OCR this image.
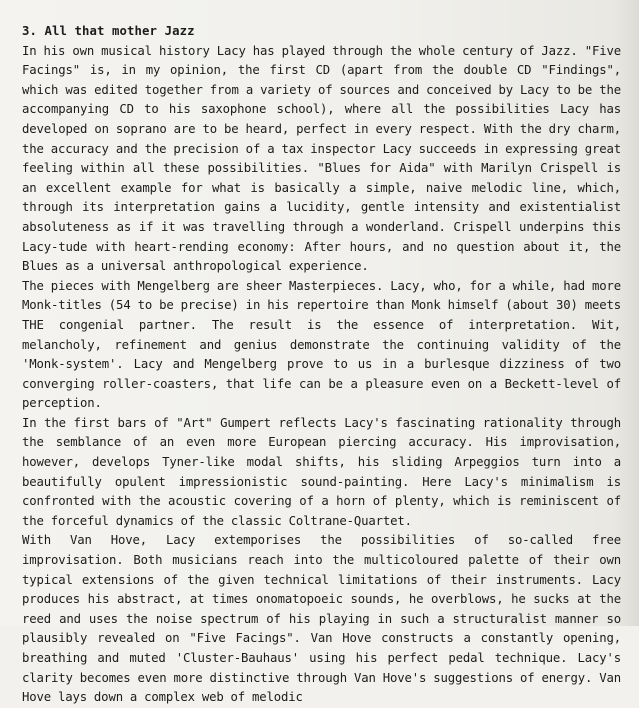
3. All that mother Jazz

In his own musical history Lacy has played through the whole century of Jazz. "Five Facings" is, in my opinion, the first CD (apart from the double CD "Findings", which was edited together from a variety of sources and conceived by Lacy to be the accompanying CD to his saxophone school), where all the possibilities Lacy has developed on soprano are to be heard, perfect in every respect. With the dry charm, the accuracy and the precision of a tax inspector Lacy succeeds in expressing great feeling within all these possibilities. "Blues for Aida" with Marilyn Crispell is an excellent example for what is basically a simple, naive melodic line, which, through its interpretation gains a lucidity, gentle intensity and existentialist absoluteness as if it was travelling through a wonderland. Crispell underpins this Lacy-tude with heart-rending economy: After hours, and no question about it, the Blues as a universal anthropological experience.

The pieces with Mengelberg are sheer Masterpieces. Lacy, who, for a while, had more Monk-titles (54 to be precise) in his repertoire than Monk himself (about 30) meets THE congenial partner. The result is the essence of interpretation. Wit, melancholy, refinement and genius demonstrate the continuing validity of the 'Monk-system'. Lacy and Mengelberg prove to us in a burlesque dizziness of two converging roller-coasters, that life can be a pleasure even on a Beckett-level of perception.

In the first bars of "Art" Gumpert reflects Lacy's fascinating rationality through the semblance of an even more European piercing accuracy. His improvisation, however, develops Tyner-like modal shifts, his sliding Arpeggios turn into a beautifully opulent impressionistic sound-painting. Here Lacy's minimalism is confronted with the acoustic covering of a horn of plenty, which is reminiscent of the forceful dynamics of the classic Coltrane-Quartet.

With Van Hove, Lacy extemporises the possibilities of so-called free improvisation. Both musicians reach into the multicoloured palette of their own typical extensions of the given technical limitations of their instruments. Lacy produces his abstract, at times onomatopoeic sounds, he overblows, he sucks at the reed and uses the noise spectrum of his playing in such a structuralist manner so plausibly revealed on "Five Facings". Van Hove constructs a constantly opening, breathing and muted 'Cluster-Bauhaus' using his perfect pedal technique. Lacy's clarity becomes even more distinctive through Van Hove's suggestions of energy. Van Hove lays down a complex web of melodic
